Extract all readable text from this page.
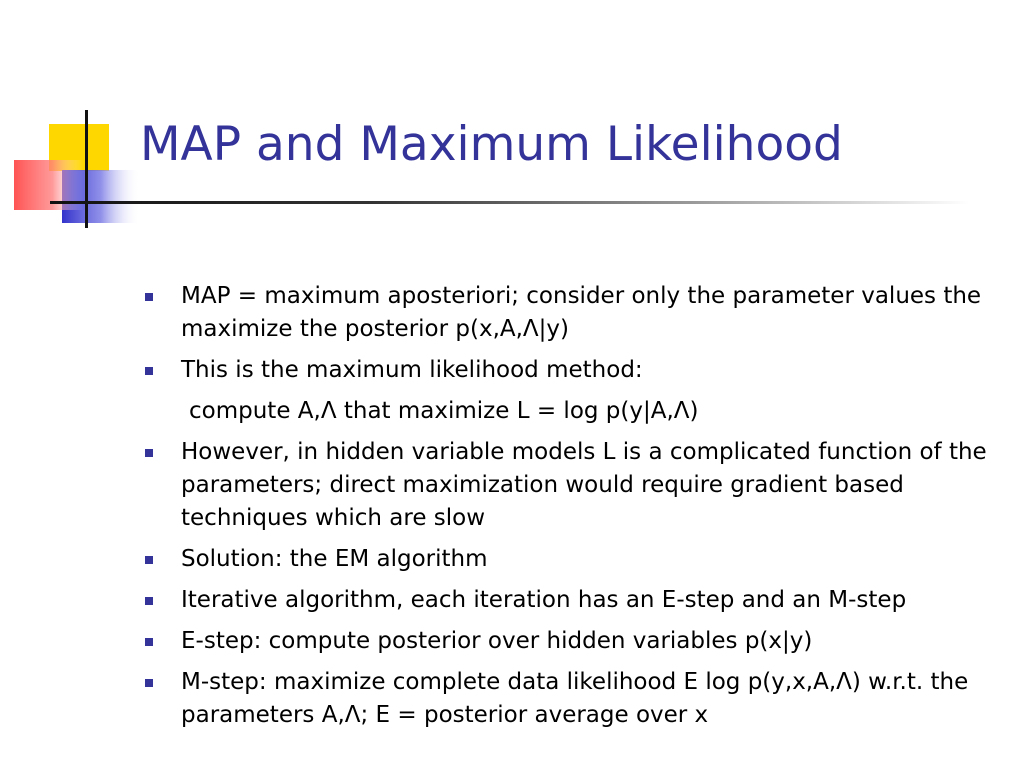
MAP and Maximum Likelihood
MAP = maximum aposteriori; consider only the parameter values the maximize the posterior p(x,A,Λ|y)
This is the maximum likelihood method:
compute A,Λ that maximize L = log p(y|A,Λ)
However, in hidden variable models L is a complicated function of the parameters; direct maximization would require gradient based techniques which are slow
Solution: the EM algorithm
Iterative algorithm, each iteration has an E-step and an M-step
E-step: compute posterior over hidden variables p(x|y)
M-step: maximize complete data likelihood E log p(y,x,A,Λ) w.r.t. the parameters A,Λ; E = posterior average over x
